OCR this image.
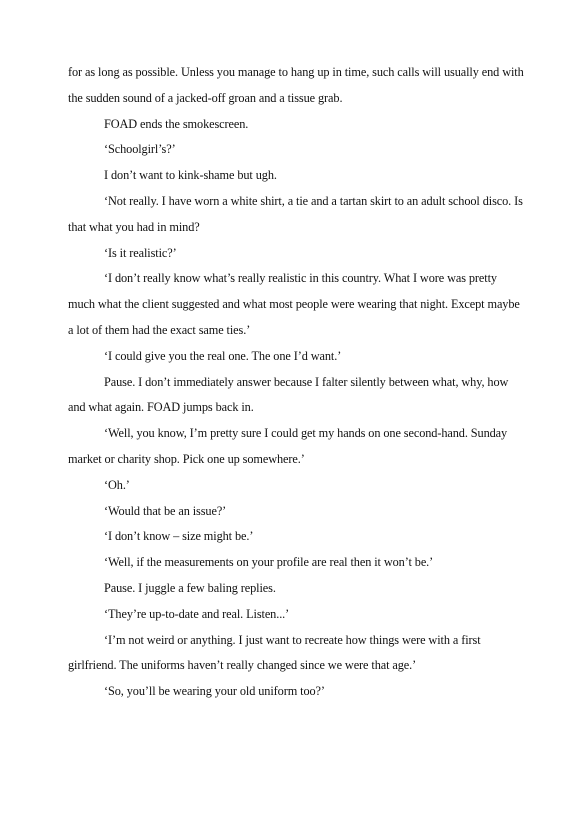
for as long as possible. Unless you manage to hang up in time, such calls will usually end with the sudden sound of a jacked-off groan and a tissue grab.

FOAD ends the smokescreen.

‘Schoolgirl’s?’

I don’t want to kink-shame but ugh.

‘Not really. I have worn a white shirt, a tie and a tartan skirt to an adult school disco. Is that what you had in mind?

‘Is it realistic?’

‘I don’t really know what’s really realistic in this country. What I wore was pretty much what the client suggested and what most people were wearing that night. Except maybe a lot of them had the exact same ties.’

‘I could give you the real one. The one I’d want.’

Pause. I don’t immediately answer because I falter silently between what, why, how and what again. FOAD jumps back in.

‘Well, you know, I’m pretty sure I could get my hands on one second-hand. Sunday market or charity shop. Pick one up somewhere.’

‘Oh.’

‘Would that be an issue?’

‘I don’t know – size might be.’

‘Well, if the measurements on your profile are real then it won’t be.’

Pause. I juggle a few baling replies.

‘They’re up-to-date and real. Listen...’

‘I’m not weird or anything. I just want to recreate how things were with a first girlfriend. The uniforms haven’t really changed since we were that age.’

‘So, you’ll be wearing your old uniform too?’
